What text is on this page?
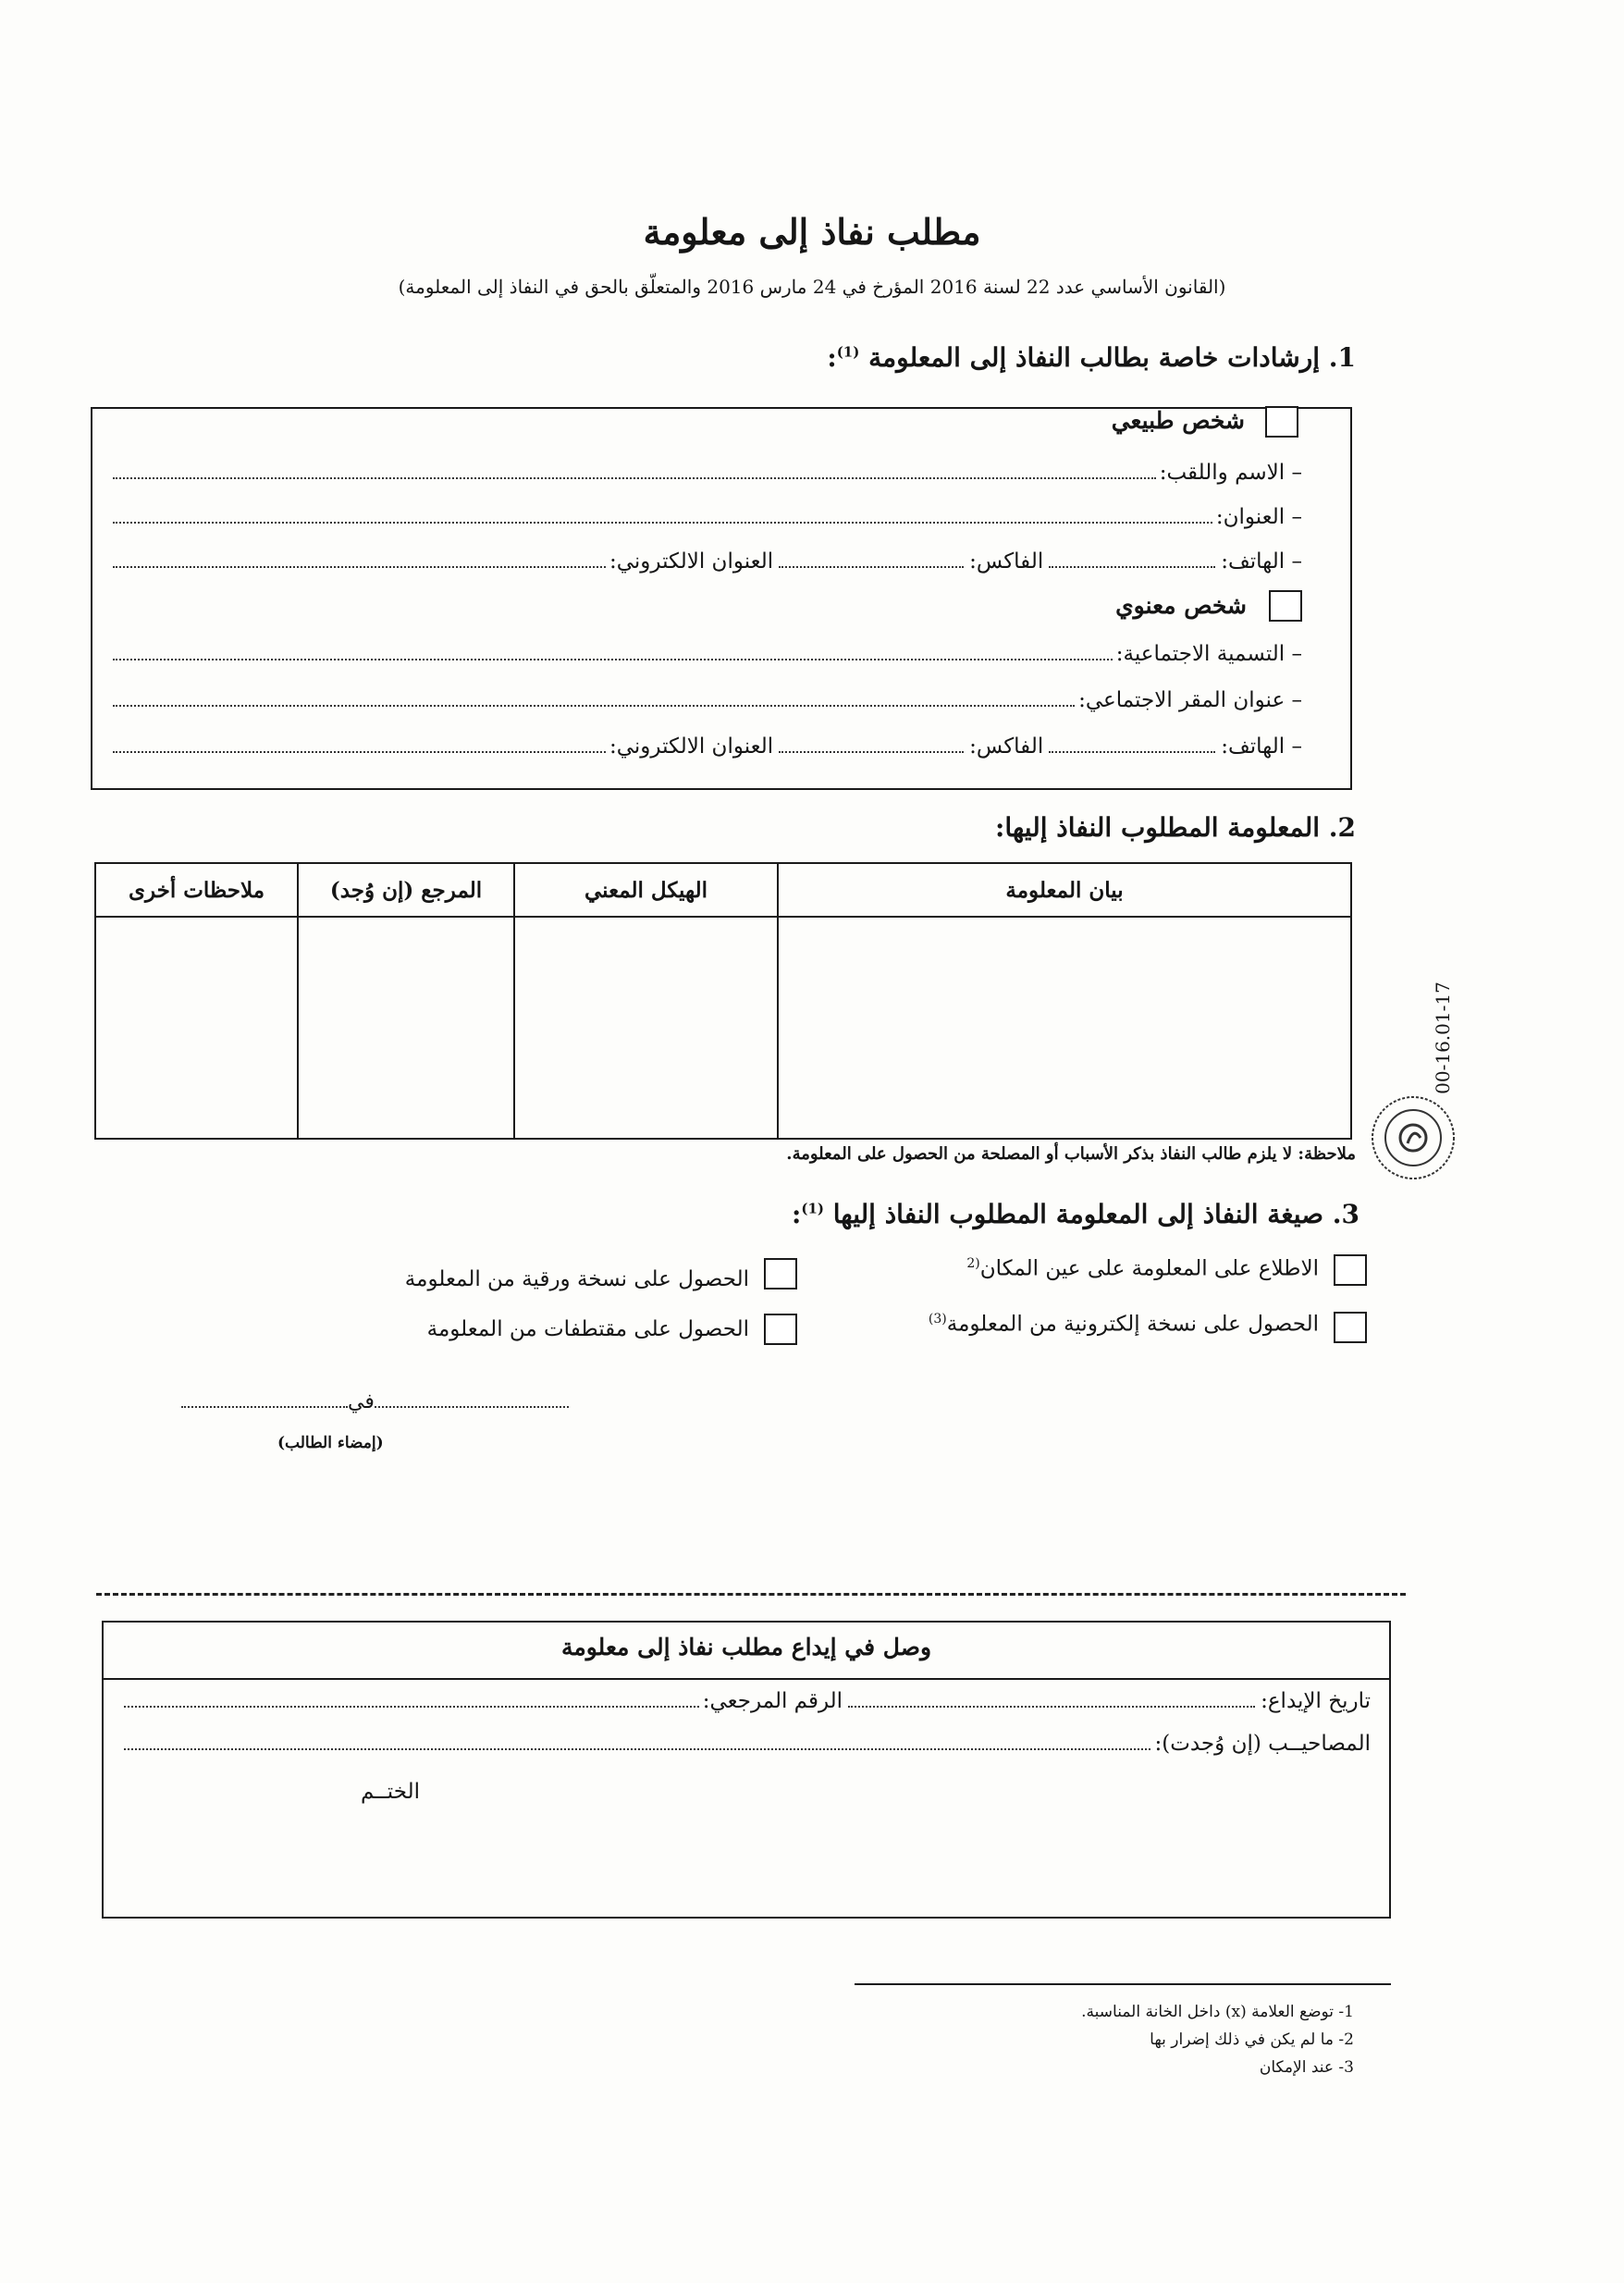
مطلب نفاذ إلى معلومة
(القانون الأساسي عدد 22 لسنة 2016 المؤرخ في 24 مارس 2016 والمتعلّق بالحق في النفاذ إلى المعلومة)
1. إرشادات خاصة بطالب النفاذ إلى المعلومة $^{(1)}$:
شخص طبيعي
– الاسم واللقب:
– العنوان:
– الهاتف:
الفاكس:
العنوان الالكتروني:
شخص معنوي
– التسمية الاجتماعية:
– عنوان المقر الاجتماعي:
– الهاتف:
الفاكس:
العنوان الالكتروني:
2. المعلومة المطلوب النفاذ إليها:
بيان المعلومة	الهيكل المعني	المرجع (إن وُجد)	ملاحظات أخرى

ملاحظة: لا يلزم طالب النفاذ بذكر الأسباب أو المصلحة من الحصول على المعلومة.
00-16.01-17
3. صيغة النفاذ إلى المعلومة المطلوب النفاذ إليها $^{(1)}$:
الاطلاع على المعلومة على عين المكان$^{(2}$
الحصول على نسخة إلكترونية من المعلومة$^{(3)}$
الحصول على نسخة ورقية من المعلومة
الحصول على مقتطفات من المعلومة
في
(إمضاء الطالب)
وصل في إيداع مطلب نفاذ إلى معلومة
تاريخ الإيداع:
الرقم المرجعي:
المصاحيــب (إن وُجدت):
الختــم
1- توضع العلامة (x) داخل الخانة المناسبة.
2- ما لم يكن في ذلك إضرار بها
3- عند الإمكان
